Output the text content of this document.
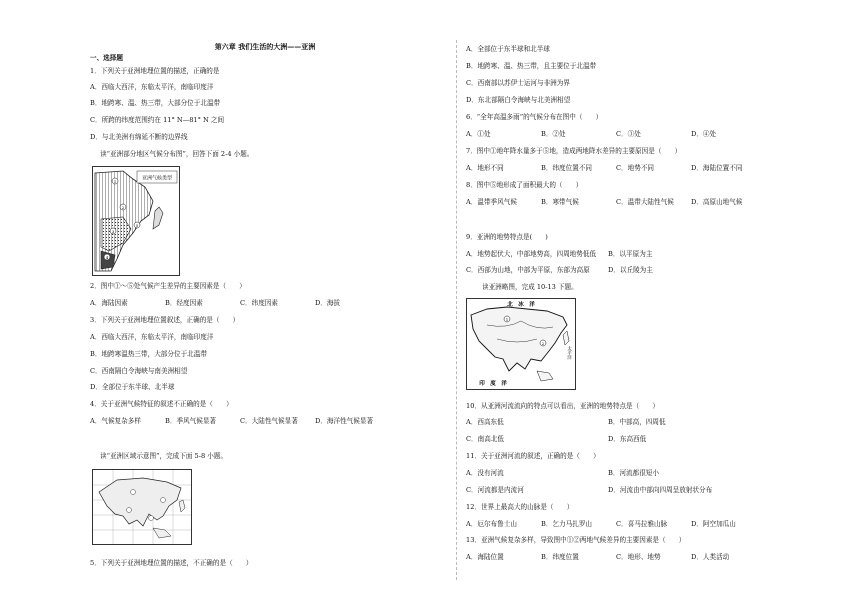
第六章 我们生活的大洲——亚洲
一、选择题
1．下列关于亚洲地理位置的描述，正确的是
A．西临大西洋，东临太平洋，南临印度洋
B．地跨寒、温、热三带，大部分位于北温带
C．所跨的纬度范围约在 11° N—81° N 之间
D．与北美洲有绵延不断的边界线
读“亚洲部分地区气候分布图”，回答下面 2-4 小题。
亚洲气候类型
1
2
3
4
5
2．图中①～⑤处气候产生差异的主要因素是（　　）
A．海陆因素	B．经度因素	C．纬度因素	D．海拔
3．下列关于亚洲地理位置叙述，正确的是（　　）
A．西临大西洋，东临太平洋，南临印度洋
B．地跨寒温热三带，大部分位于北温带
C．西南隔白令海峡与南美洲相望
D．全部位于东半球、北半球
4．关于亚洲气候特征的叙述不正确的是（　　）
A．气候复杂多样	B．季风气候显著	C．大陆性气候显著	D．海洋性气候显著
读“亚洲区域示意图”，完成下面 5-8 小题。
5．下列关于亚洲地理位置的描述，不正确的是（　　）
A．全部位于东半球和北半球
B．地跨寒、温、热三带，且主要位于北温带
C．西南部以苏伊士运河与非洲为界
D．东北部隔白令海峡与北美洲相望
6．“全年高温多雨”的气候分布在图中（　　）
A．①处	B．②处	C．③处	D．④处
7．图中①地年降水量多于⑤地，造成两地降水差异的主要原因是（　　）
A．地形不同	B．纬度位置不同	C．地势不同	D．海陆位置不同
8．图中⑤地形成了面积最大的（　　）
A．温带季风气候	B．寒带气候	C．温带大陆性气候	D．高原山地气候
9．亚洲的地势特点是(　　)
A．地势起伏大，中部地势高，四周地势低低 B．以平原为主
C．西部为山地，中部为平原，东部为高原	D．以丘陵为主
读亚洲略图，完成 10-13 下题。
北　冰　洋
印　度　洋
太平洋
1
2
10．从亚洲河流流向的特点可以看出，亚洲的地势特点是（　　）
A．西高东低	B．中部高，四周低
C．南高北低	D．东高西低
11．关于亚洲河流的叙述，正确的是（　　）
A．没有河流	B．河流都很短小
C．河流都是内流河	D．河流由中部向四周呈放射状分布
12．世界上最高大的山脉是（　　）
A．厄尔布鲁士山	B．乞力马扎罗山	C．喜马拉雅山脉	D．阿空加瓜山
13．亚洲气候复杂多样，导致图中①②两地气候差异的主要因素是（　　）
A．海陆位置	B．纬度位置	C．地形、地势	D．人类活动
